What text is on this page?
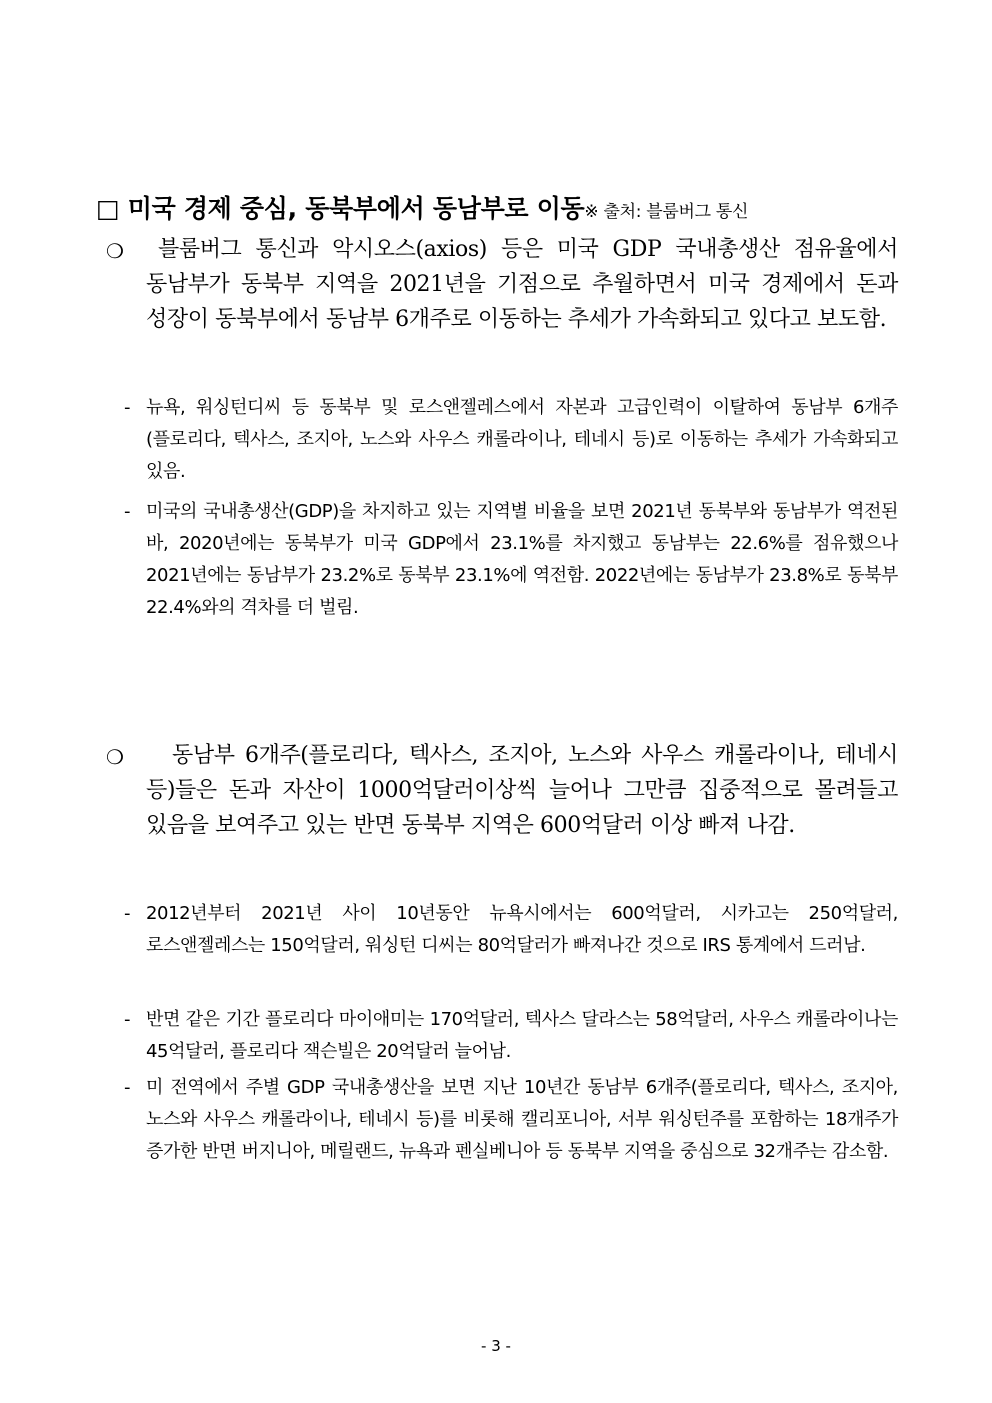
□ 미국 경제 중심, 동북부에서 동남부로 이동※ 출처: 블룸버그 통신
❍	블룸버그 통신과 악시오스(axios) 등은 미국 GDP 국내총생산 점유율에서 동남부가 동북부 지역을 2021년을 기점으로 추월하면서 미국 경제에서 돈과 성장이 동북부에서 동남부 6개주로 이동하는 추세가 가속화되고 있다고 보도함.
- 뉴욕, 워싱턴디씨 등 동북부 및 로스앤젤레스에서 자본과 고급인력이 이탈하여 동남부 6개주(플로리다, 텍사스, 조지아, 노스와 사우스 캐롤라이나, 테네시 등)로 이동하는 추세가 가속화되고 있음.
- 미국의 국내총생산(GDP)을 차지하고 있는 지역별 비율을 보면 2021년 동북부와 동남부가 역전된 바, 2020년에는 동북부가 미국 GDP에서 23.1%를 차지했고 동남부는 22.6%를 점유했으나 2021년에는 동남부가 23.2%로 동북부 23.1%에 역전함. 2022년에는 동남부가 23.8%로 동북부 22.4%와의 격차를 더 벌림.
❍	동남부 6개주(플로리다, 텍사스, 조지아, 노스와 사우스 캐롤라이나, 테네시 등)들은 돈과 자산이 1000억달러이상씩 늘어나 그만큼 집중적으로 몰려들고 있음을 보여주고 있는 반면 동북부 지역은 600억달러 이상 빠져 나감.
- 2012년부터 2021년 사이 10년동안 뉴욕시에서는 600억달러, 시카고는 250억달러, 로스앤젤레스는 150억달러, 워싱턴 디씨는 80억달러가 빠져나간 것으로 IRS 통계에서 드러남.
- 반면 같은 기간 플로리다 마이애미는 170억달러, 텍사스 달라스는 58억달러, 사우스 캐롤라이나는 45억달러, 플로리다 잭슨빌은 20억달러 늘어남.
- 미 전역에서 주별 GDP 국내총생산을 보면 지난 10년간 동남부 6개주(플로리다, 텍사스, 조지아, 노스와 사우스 캐롤라이나, 테네시 등)를 비롯해 캘리포니아, 서부 워싱턴주를 포함하는 18개주가 증가한 반면 버지니아, 메릴랜드, 뉴욕과 펜실베니아 등 동북부 지역을 중심으로 32개주는 감소함.
- 3 -
